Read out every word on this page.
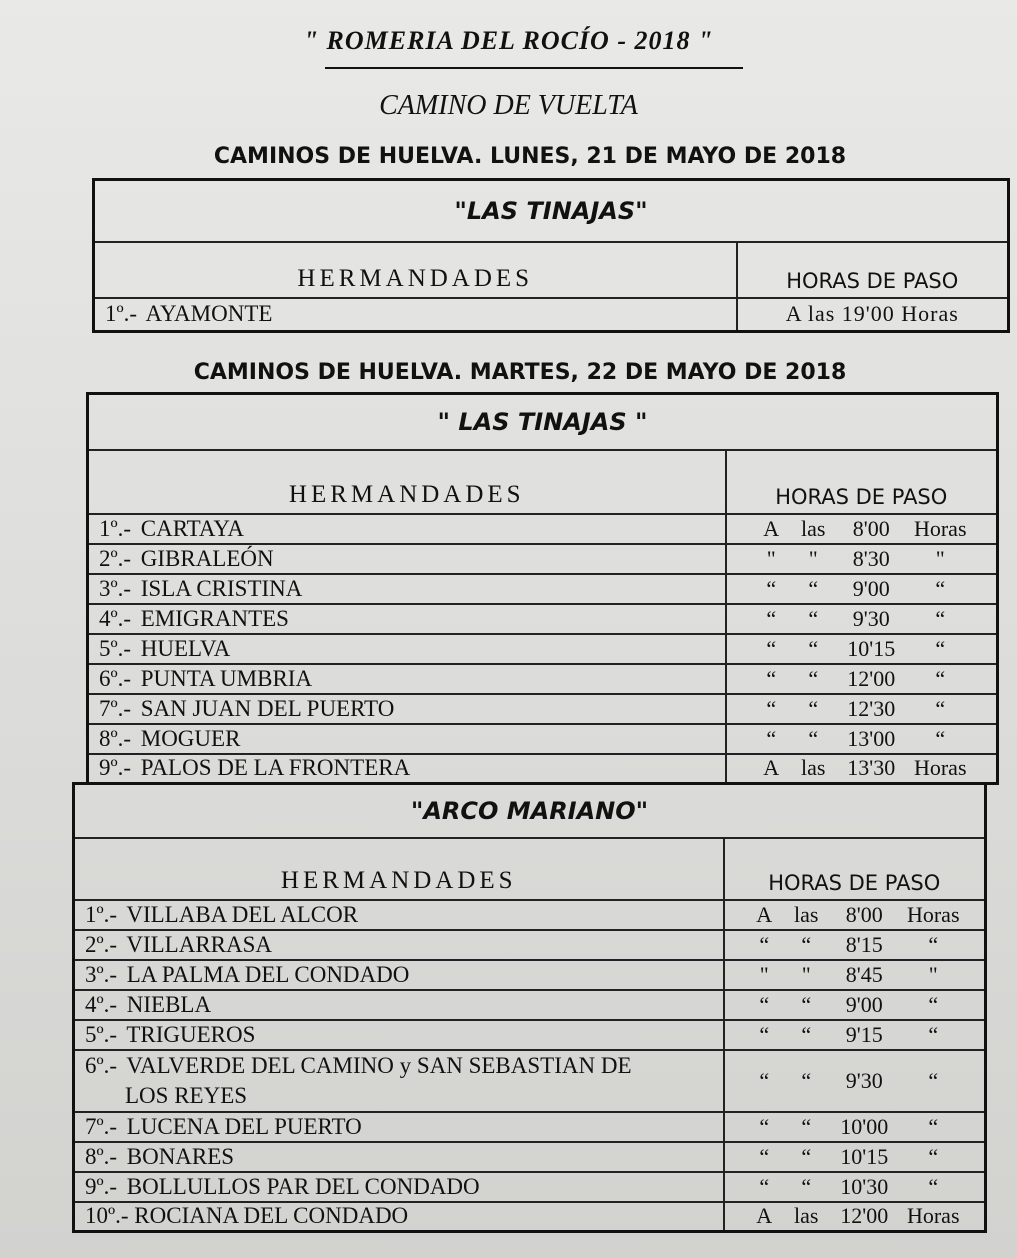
" ROMERIA DEL ROCÍO - 2018 "
CAMINO DE VUELTA
CAMINOS DE HUELVA. LUNES, 21 DE MAYO DE 2018
"LAS TINAJAS"	
HERMANDADES	HORAS DE PASO
1º.- AYAMONTE	A las 19'00 Horas
CAMINOS DE HUELVA. MARTES, 22 DE MAYO DE 2018
" LAS TINAJAS "	
HERMANDADES	HORAS DE PASO
1º.- CARTAYA	A las 8'00 Horas

2º.- GIBRALEÓN	" " 8'30 "

3º.- ISLA CRISTINA	“ “ 9'00 “

4º.- EMIGRANTES	“ “ 9'30 “

5º.- HUELVA	“ “ 10'15 “

6º.- PUNTA UMBRIA	“ “ 12'00 “

7º.- SAN JUAN DEL PUERTO	“ “ 12'30 “

8º.- MOGUER	“ “ 13'00 “

9º.- PALOS DE LA FRONTERA	A las 13'30 Horas
"ARCO MARIANO"	
HERMANDADES	HORAS DE PASO
1º.- VILLABA DEL ALCOR	A las 8'00 Horas

2º.- VILLARRASA	“ “ 8'15 “

3º.- LA PALMA DEL CONDADO	" " 8'45 "

4º.- NIEBLA	“ “ 9'00 “

5º.- TRIGUEROS	“ “ 9'15 “

6º.- VALVERDE DEL CAMINO y SAN SEBASTIAN DE
LOS REYES	“ “ 9'30 “

7º.- LUCENA DEL PUERTO	“ “ 10'00 “

8º.- BONARES	“ “ 10'15 “

9º.- BOLLULLOS PAR DEL CONDADO	“ “ 10'30 “

10º.- ROCIANA DEL CONDADO	A las 12'00 Horas
